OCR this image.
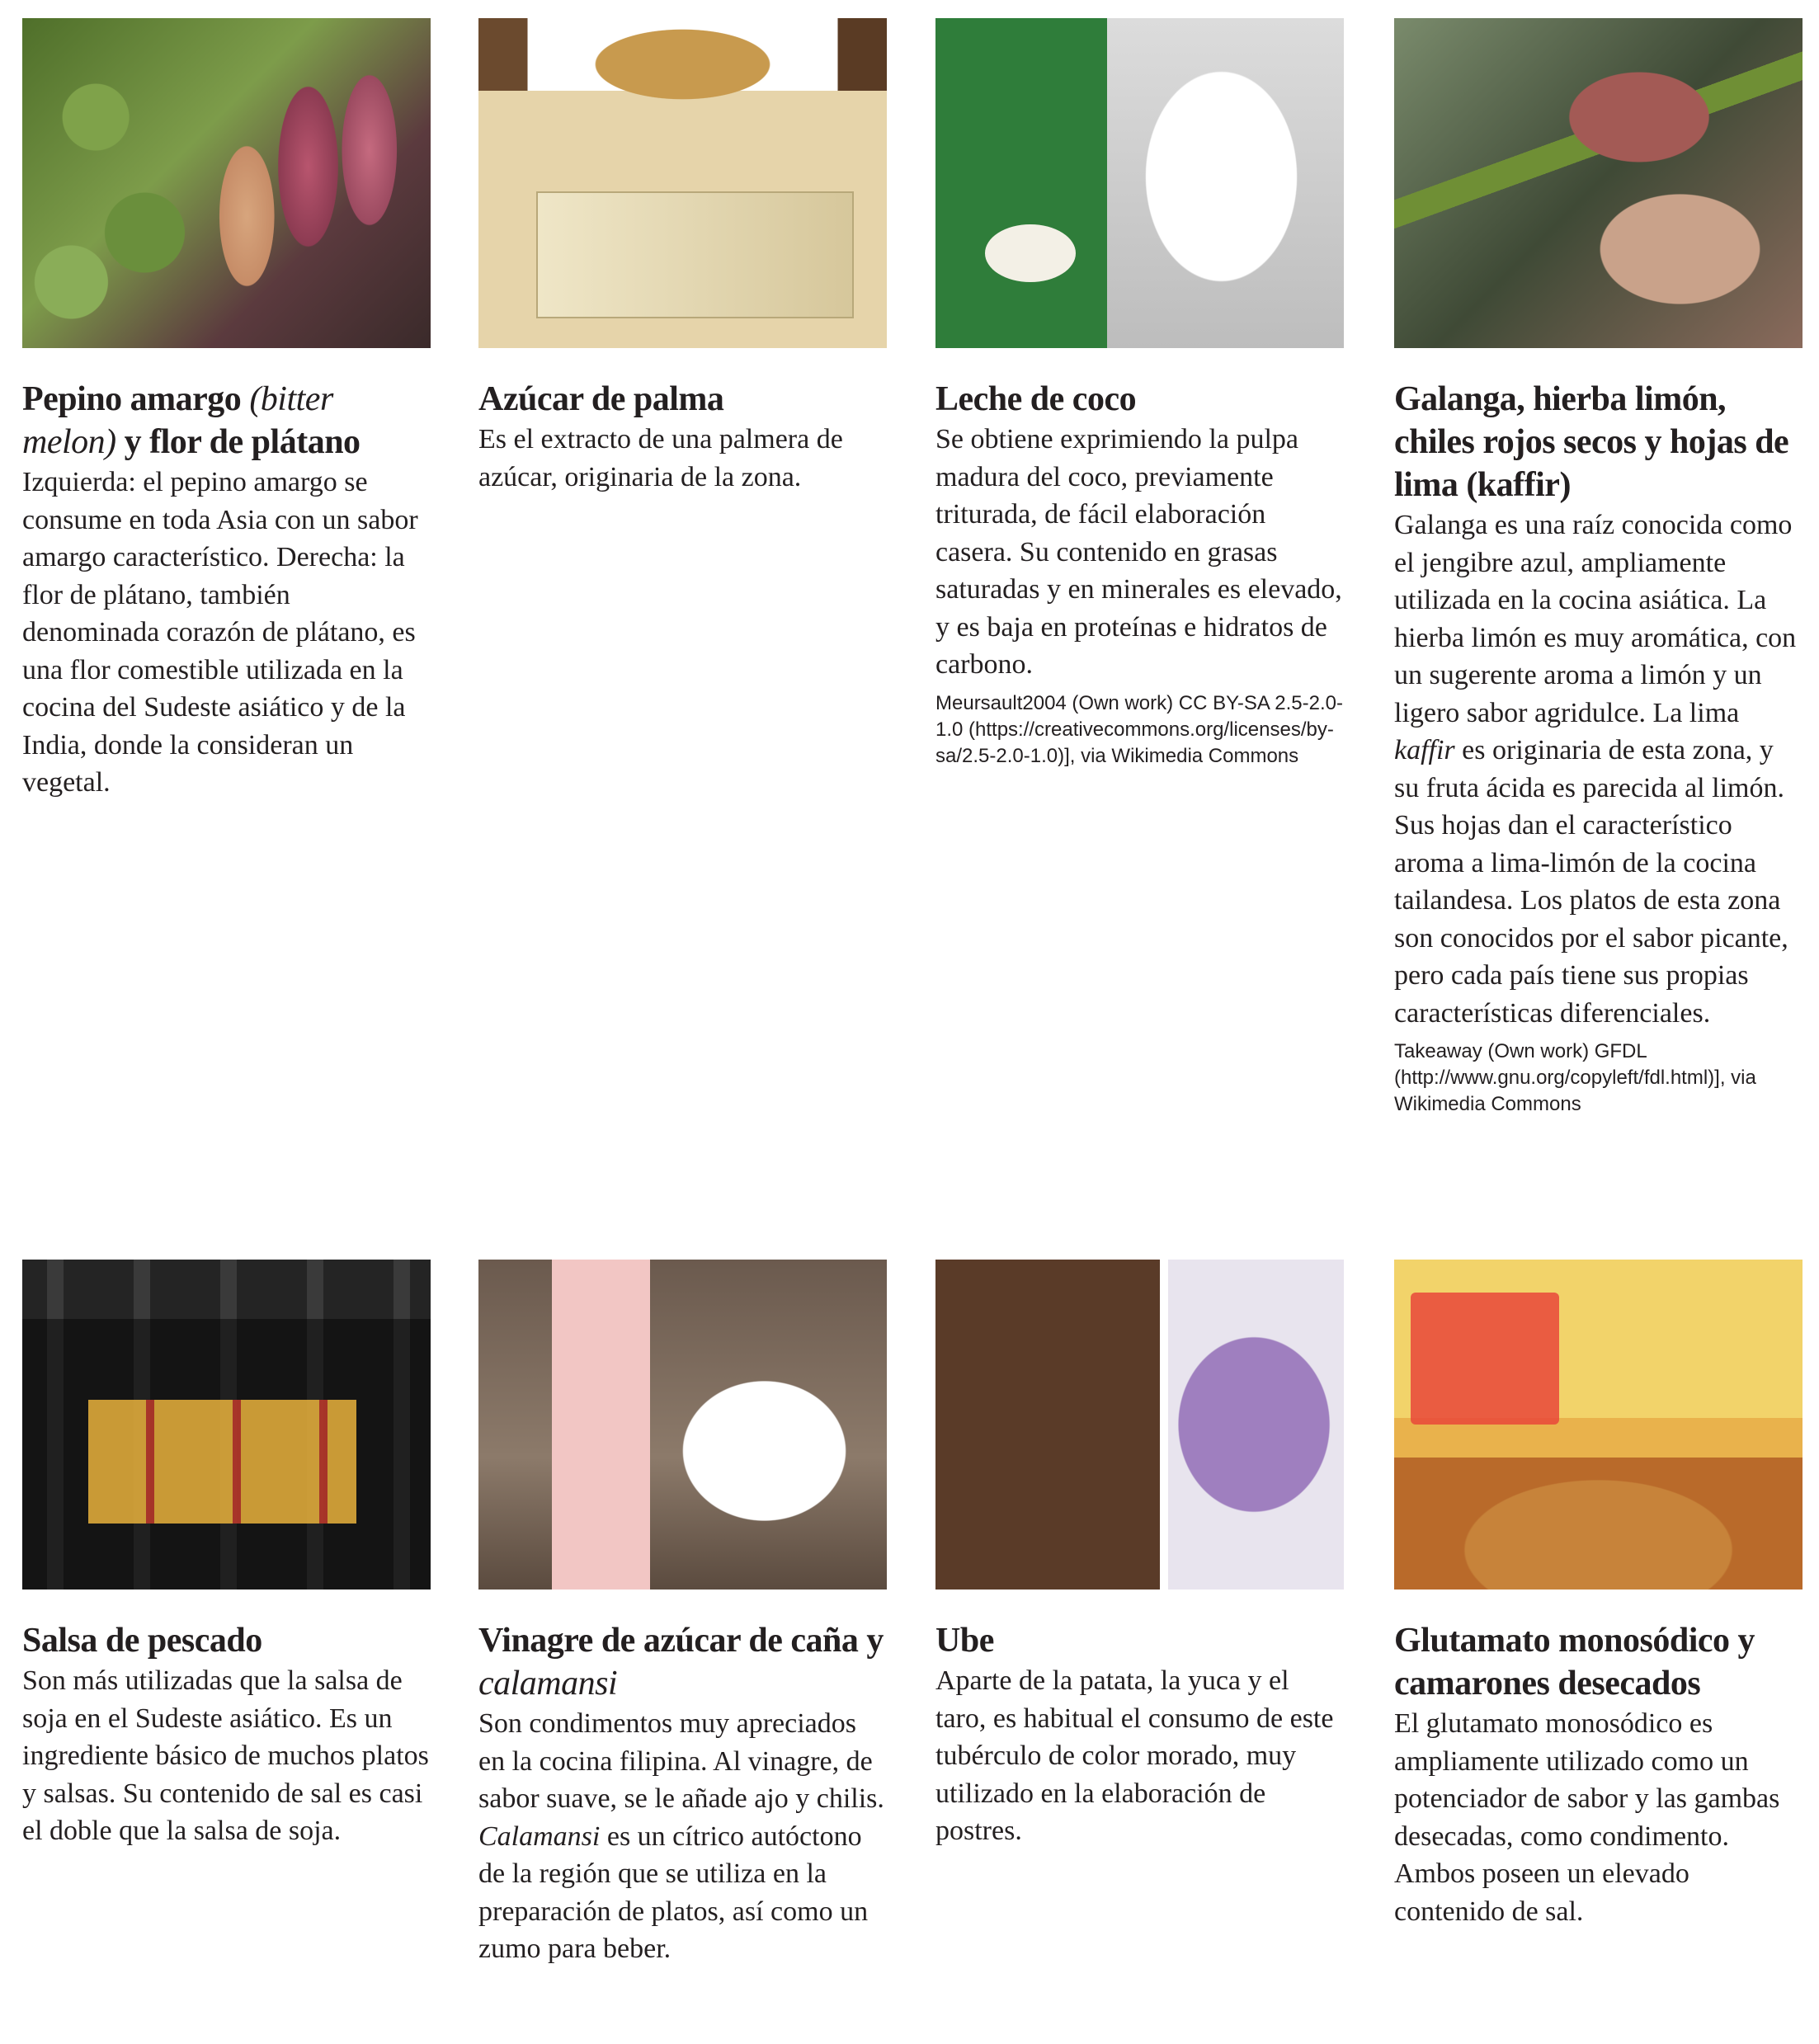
Pepino amargo (bitter melon) y flor de plátano
Izquierda: el pepino amargo se consume en toda Asia con un sabor amargo característico. Derecha: la flor de plátano, también denominada corazón de plátano, es una flor comestible utilizada en la cocina del Sudeste asiático y de la India, donde la consideran un vegetal.
Azúcar de palma
Es el extracto de una palmera de azúcar, originaria de la zona.
Leche de coco
Se obtiene exprimiendo la pulpa madura del coco, previamente triturada, de fácil elaboración casera. Su contenido en grasas saturadas y en minerales es elevado, y es baja en proteínas e hidratos de carbono.
Meursault2004 (Own work) CC BY-SA 2.5-2.0-1.0 (https://creativecommons.org/licenses/by-sa/2.5-2.0-1.0)], via Wikimedia Commons
Galanga, hierba limón, chiles rojos secos y hojas de lima (kaffir)
Galanga es una raíz conocida como el jengibre azul, ampliamente utilizada en la cocina asiática. La hierba limón es muy aromática, con un sugerente aroma a limón y un ligero sabor agridulce. La lima kaffir es originaria de esta zona, y su fruta ácida es parecida al limón. Sus hojas dan el característico aroma a lima-limón de la cocina tailandesa. Los platos de esta zona son conocidos por el sabor picante, pero cada país tiene sus propias características diferenciales.
Takeaway (Own work) GFDL (http://www.gnu.org/copyleft/fdl.html)], via Wikimedia Commons
Salsa de pescado
Son más utilizadas que la salsa de soja en el Sudeste asiático. Es un ingrediente básico de muchos platos y salsas. Su contenido de sal es casi el doble que la salsa de soja.
Vinagre de azúcar de caña y calamansi
Son condimentos muy apreciados en la cocina filipina. Al vinagre, de sabor suave, se le añade ajo y chilis. Calamansi es un cítrico autóctono de la región que se utiliza en la preparación de platos, así como un zumo para beber.
Ube
Aparte de la patata, la yuca y el taro, es habitual el consumo de este tubérculo de color morado, muy utilizado en la elaboración de postres.
Glutamato monosódico y camarones desecados
El glutamato monosódico es ampliamente utilizado como un potenciador de sabor y las gambas desecadas, como condimento. Ambos poseen un elevado contenido de sal.
